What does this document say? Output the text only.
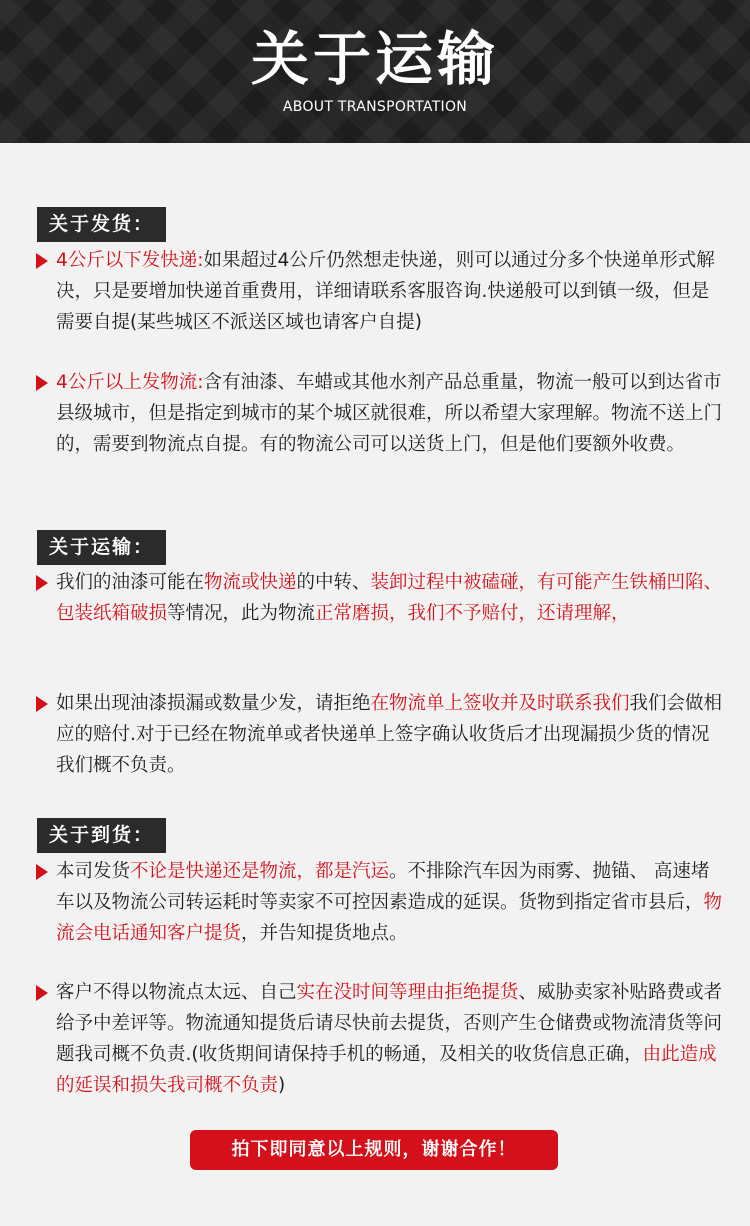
关于运输
ABOUT TRANSPORTATION
关于发货：
4公斤以下发快递:如果超过4公斤仍然想走快递，则可以通过分多个快递单形式解决，只是要增加快递首重费用，详细请联系客服咨询.快递般可以到镇一级，但是需要自提(某些城区不派送区域也请客户自提)
4公斤以上发物流:含有油漆、车蜡或其他水剂产品总重量，物流一般可以到达省市县级城市，但是指定到城市的某个城区就很难，所以希望大家理解。物流不送上门的，需要到物流点自提。有的物流公司可以送货上门，但是他们要额外收费。
关于运输：
我们的油漆可能在物流或快递的中转、装卸过程中被磕碰，有可能产生铁桶凹陷、包装纸箱破损等情况，此为物流正常磨损，我们不予赔付，还请理解，
如果出现油漆损漏或数量少发，请拒绝在物流单上签收并及时联系我们我们会做相应的赔付.对于已经在物流单或者快递单上签字确认收货后才出现漏损少货的情况我们概不负责。
关于到货：
本司发货不论是快递还是物流，都是汽运。不排除汽车因为雨雾、抛锚、 高速堵车以及物流公司转运耗时等卖家不可控因素造成的延误。货物到指定省市县后，物流会电话通知客户提货，并告知提货地点。
客户不得以物流点太远、自己实在没时间等理由拒绝提货、威胁卖家补贴路费或者给予中差评等。物流通知提货后请尽快前去提货，否则产生仓储费或物流清货等问题我司概不负责.(收货期间请保持手机的畅通，及相关的收货信息正确，由此造成的延误和损失我司概不负责)
拍下即同意以上规则，谢谢合作！
